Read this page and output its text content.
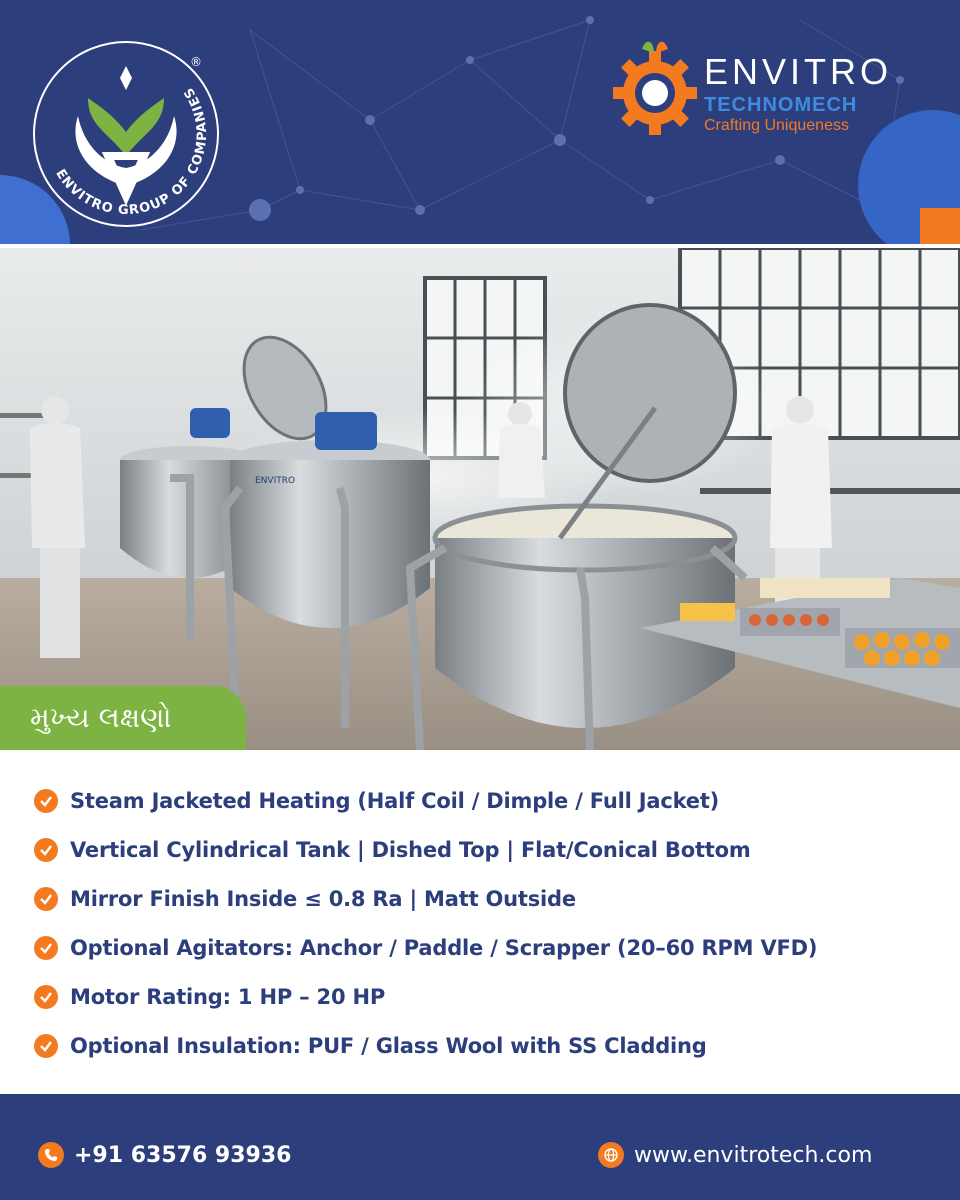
ENVITRO GROUP OF COMPANIES
®	ENVITRO
TECHNOMECH
Crafting Uniqueness
ENVITRO
મુખ્ય લક્ષણો
Steam Jacketed Heating (Half Coil / Dimple / Full Jacket)
Vertical Cylindrical Tank | Dished Top | Flat/Conical Bottom
Mirror Finish Inside ≤ 0.8 Ra | Matt Outside
Optional Agitators: Anchor / Paddle / Scrapper (20–60 RPM VFD)
Motor Rating: 1 HP – 20 HP
Optional Insulation: PUF / Glass Wool with SS Cladding
+91 63576 93936	www.envitrotech.com
